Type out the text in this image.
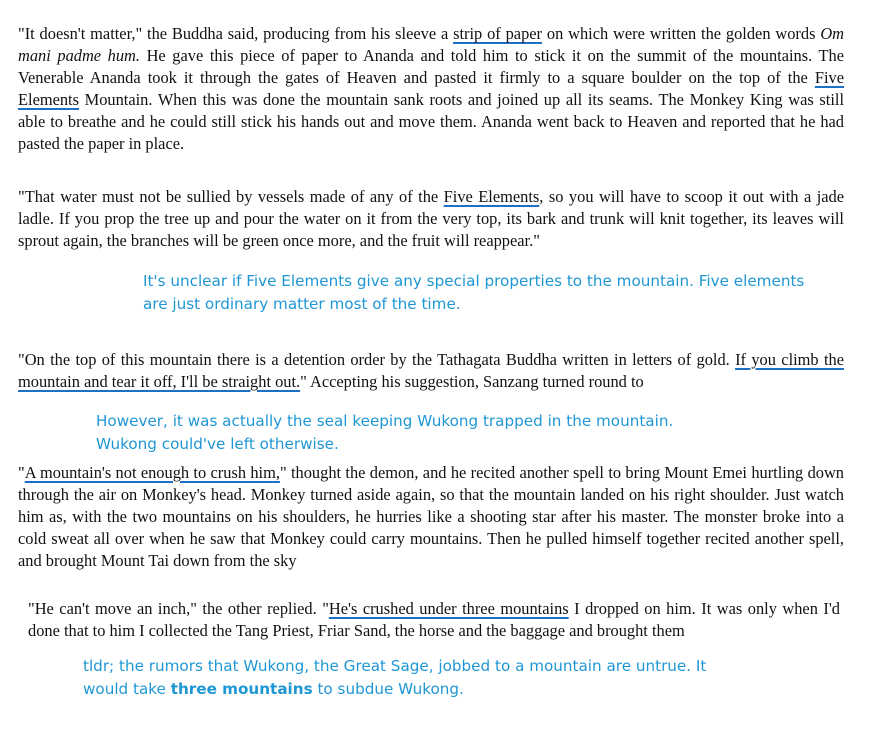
"It doesn't matter," the Buddha said, producing from his sleeve a strip of paper on which were written the golden words Om mani padme hum. He gave this piece of paper to Ananda and told him to stick it on the summit of the mountains. The Venerable Ananda took it through the gates of Heaven and pasted it firmly to a square boulder on the top of the Five Elements Mountain. When this was done the mountain sank roots and joined up all its seams. The Monkey King was still able to breathe and he could still stick his hands out and move them. Ananda went back to Heaven and reported that he had pasted the paper in place.
"That water must not be sullied by vessels made of any of the Five Elements, so you will have to scoop it out with a jade ladle. If you prop the tree up and pour the water on it from the very top, its bark and trunk will knit together, its leaves will sprout again, the branches will be green once more, and the fruit will reappear."
It's unclear if Five Elements give any special properties to the mountain. Five elements are just ordinary matter most of the time.
"On the top of this mountain there is a detention order by the Tathagata Buddha written in letters of gold. If you climb the mountain and tear it off, I'll be straight out." Accepting his suggestion, Sanzang turned round to
However, it was actually the seal keeping Wukong trapped in the mountain. Wukong could've left otherwise.
"A mountain's not enough to crush him," thought the demon, and he recited another spell to bring Mount Emei hurtling down through the air on Monkey's head. Monkey turned aside again, so that the mountain landed on his right shoulder. Just watch him as, with the two mountains on his shoulders, he hurries like a shooting star after his master. The monster broke into a cold sweat all over when he saw that Monkey could carry mountains. Then he pulled himself together recited another spell, and brought Mount Tai down from the sky
"He can't move an inch," the other replied. "He's crushed under three mountains I dropped on him. It was only when I'd done that to him I collected the Tang Priest, Friar Sand, the horse and the baggage and brought them
tldr; the rumors that Wukong, the Great Sage, jobbed to a mountain are untrue. It would take three mountains to subdue Wukong.
